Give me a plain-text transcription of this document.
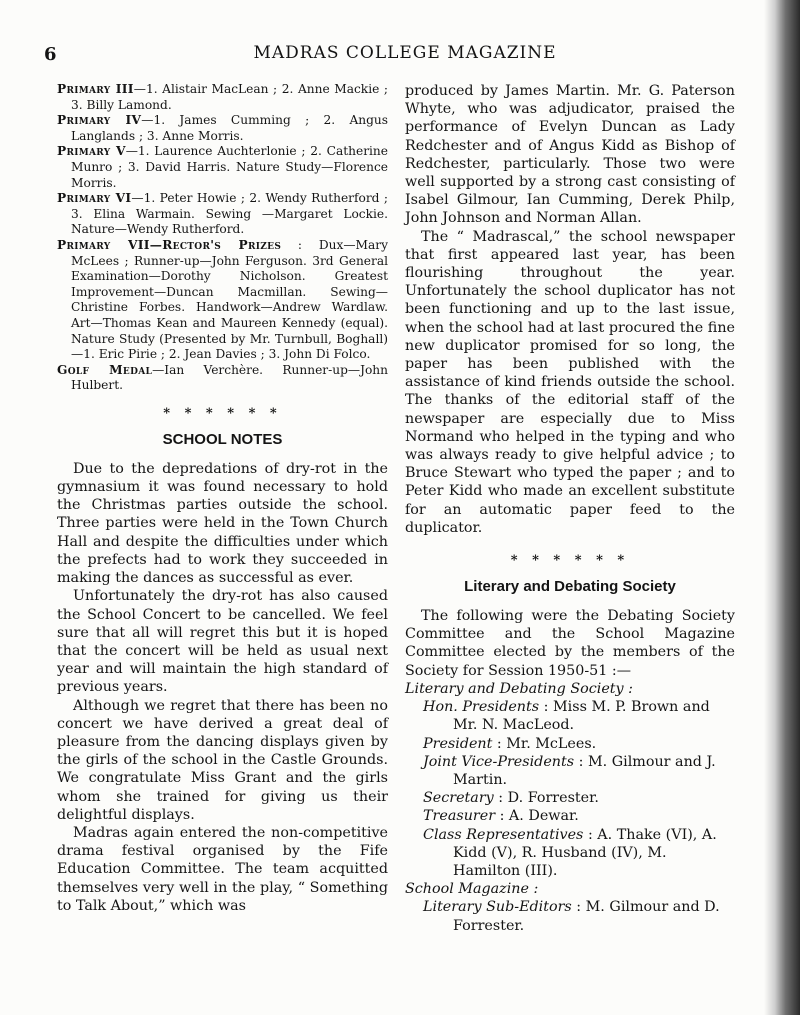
6	MADRAS COLLEGE MAGAZINE

Primary III—1. Alistair MacLean ; 2. Anne Mackie ; 3. Billy Lamond.

Primary IV—1. James Cumming ; 2. Angus Langlands ; 3. Anne Morris.

Primary V—1. Laurence Auchterlonie ; 2. Catherine Munro ; 3. David Harris. Nature Study—Florence Morris.

Primary VI—1. Peter Howie ; 2. Wendy Rutherford ; 3. Elina Warmain. Sewing —Margaret Lockie. Nature—Wendy Rutherford.

Primary VII—Rector's Prizes : Dux—Mary McLees ; Runner-up—John Ferguson. 3rd General Examination—Dorothy Nicholson. Greatest Improvement—Duncan Macmillan. Sewing—Christine Forbes. Handwork—Andrew Wardlaw. Art—Thomas Kean and Maureen Kennedy (equal). Nature Study (Presented by Mr. Turnbull, Boghall)—1. Eric Pirie ; 2. Jean Davies ; 3. John Di Folco.

Golf Medal—Ian Verchère. Runner-up—John Hulbert.

* * * * * *
SCHOOL NOTES

Due to the depredations of dry-rot in the gymnasium it was found necessary to hold the Christmas parties outside the school. Three parties were held in the Town Church Hall and despite the difficulties under which the prefects had to work they succeeded in making the dances as successful as ever.

Unfortunately the dry-rot has also caused the School Concert to be cancelled. We feel sure that all will regret this but it is hoped that the concert will be held as usual next year and will maintain the high standard of previous years.

Although we regret that there has been no concert we have derived a great deal of pleasure from the dancing displays given by the girls of the school in the Castle Grounds. We congratulate Miss Grant and the girls whom she trained for giving us their delightful displays.

Madras again entered the non-competitive drama festival organised by the Fife Education Committee. The team acquitted themselves very well in the play, “ Something to Talk About,” which was

produced by James Martin. Mr. G. Paterson Whyte, who was adjudicator, praised the performance of Evelyn Duncan as Lady Redchester and of Angus Kidd as Bishop of Redchester, particularly. Those two were well supported by a strong cast consisting of Isabel Gilmour, Ian Cumming, Derek Philp, John Johnson and Norman Allan.

The “ Madrascal,” the school newspaper that first appeared last year, has been flourishing throughout the year. Unfortunately the school duplicator has not been functioning and up to the last issue, when the school had at last procured the fine new duplicator promised for so long, the paper has been published with the assistance of kind friends outside the school. The thanks of the editorial staff of the newspaper are especially due to Miss Normand who helped in the typing and who was always ready to give helpful advice ; to Bruce Stewart who typed the paper ; and to Peter Kidd who made an excellent substitute for an automatic paper feed to the duplicator.

* * * * * *
Literary and Debating Society

The following were the Debating Society Committee and the School Magazine Committee elected by the members of the Society for Session 1950-51 :—

Literary and Debating Society :
Hon. Presidents : Miss M. P. Brown and Mr. N. MacLeod.
President : Mr. McLees.
Joint Vice-Presidents : M. Gilmour and J. Martin.
Secretary : D. Forrester.
Treasurer : A. Dewar.
Class Representatives : A. Thake (VI), A. Kidd (V), R. Husband (IV), M. Hamilton (III).
School Magazine :
Literary Sub-Editors : M. Gilmour and D. Forrester.
